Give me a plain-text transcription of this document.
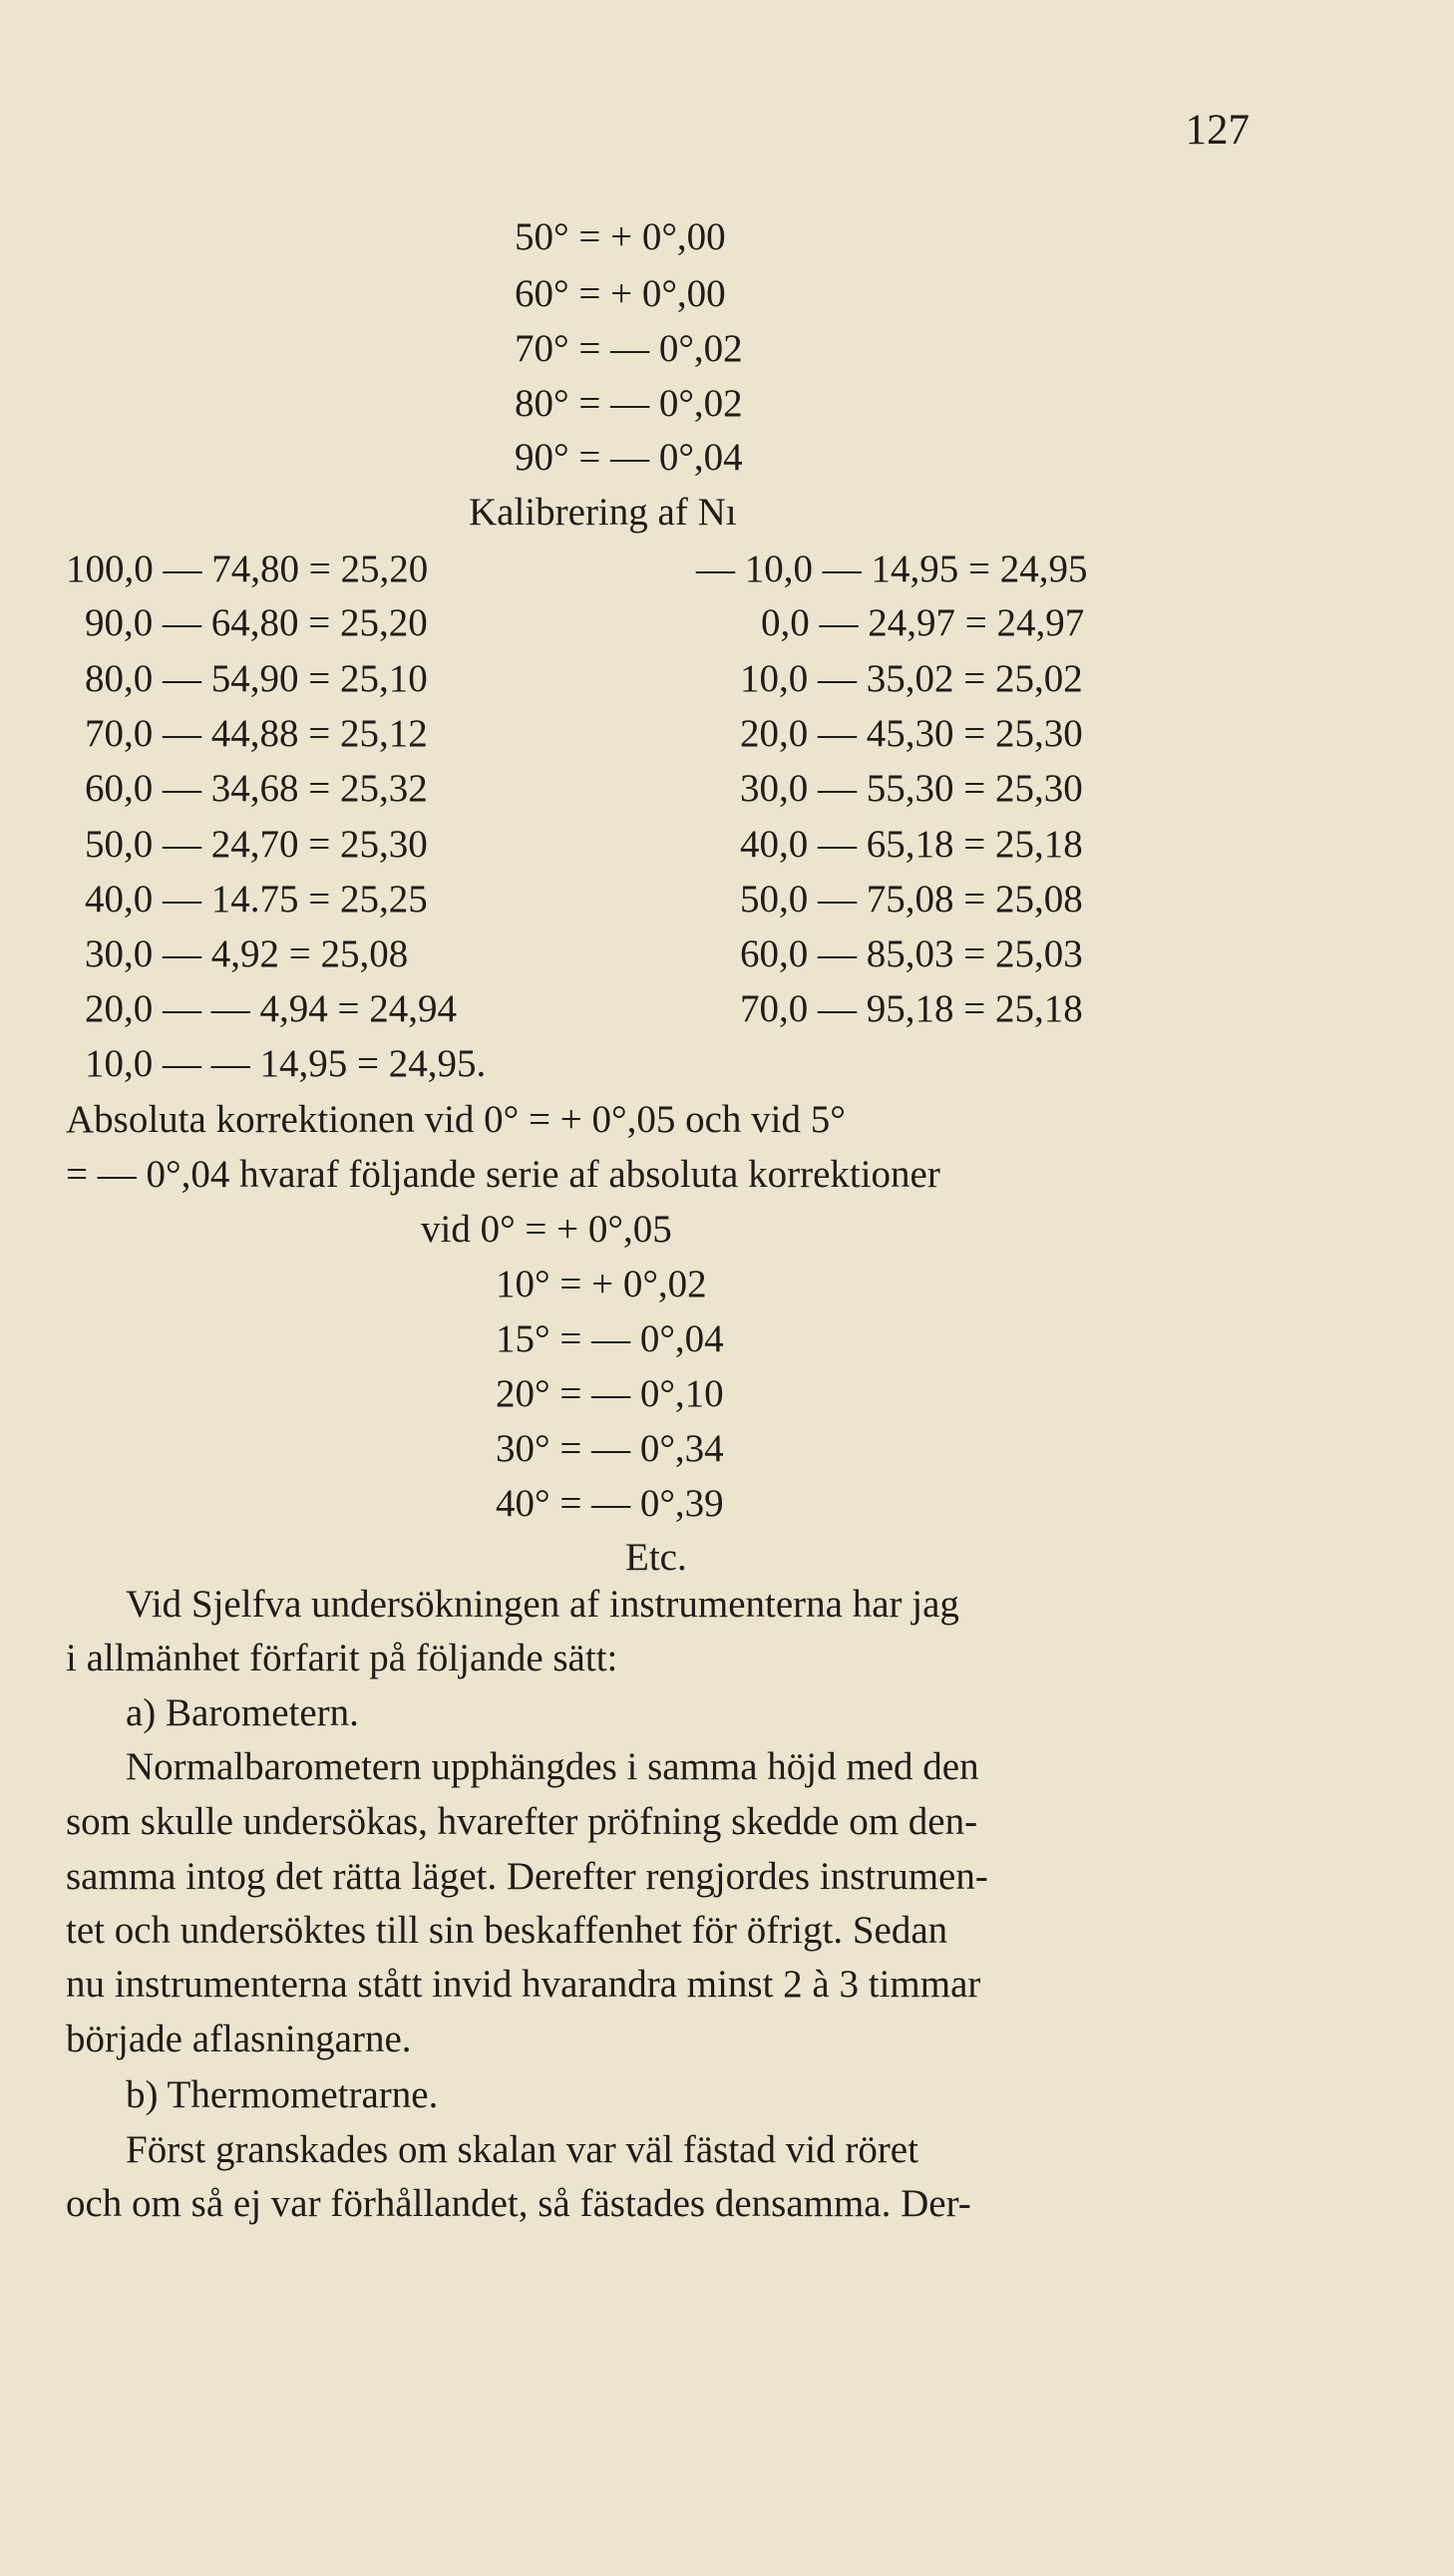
127
50° = + 0°,00
60° = + 0°,00
70° = — 0°,02
80° = — 0°,02
90° = — 0°,04
Kalibrering af Nı
100,0 — 74,80 = 25,20
90,0 — 64,80 = 25,20
80,0 — 54,90 = 25,10
70,0 — 44,88 = 25,12
60,0 — 34,68 = 25,32
50,0 — 24,70 = 25,30
40,0 — 14.75 = 25,25
30,0 — 4,92 = 25,08
20,0 — — 4,94 = 24,94
10,0 — — 14,95 = 24,95.
— 10,0 — 14,95 = 24,95
0,0 — 24,97 = 24,97
10,0 — 35,02 = 25,02
20,0 — 45,30 = 25,30
30,0 — 55,30 = 25,30
40,0 — 65,18 = 25,18
50,0 — 75,08 = 25,08
60,0 — 85,03 = 25,03
70,0 — 95,18 = 25,18
Absoluta korrektionen vid 0° = + 0°,05 och vid 5°
= — 0°,04 hvaraf följande serie af absoluta korrektioner
vid 0° = + 0°,05
10° = + 0°,02
15° = — 0°,04
20° = — 0°,10
30° = — 0°,34
40° = — 0°,39
Etc.
Vid Sjelfva undersökningen af instrumenterna har jag
i allmänhet förfarit på följande sätt:
a) Barometern.
Normalbarometern upphängdes i samma höjd med den
som skulle undersökas, hvarefter pröfning skedde om den-
samma intog det rätta läget. Derefter rengjordes instrumen-
tet och undersöktes till sin beskaffenhet för öfrigt. Sedan
nu instrumenterna stått invid hvarandra minst 2 à 3 timmar
började aflasningarne.
b) Thermometrarne.
Först granskades om skalan var väl fästad vid röret
och om så ej var förhållandet, så fästades densamma. Der-
